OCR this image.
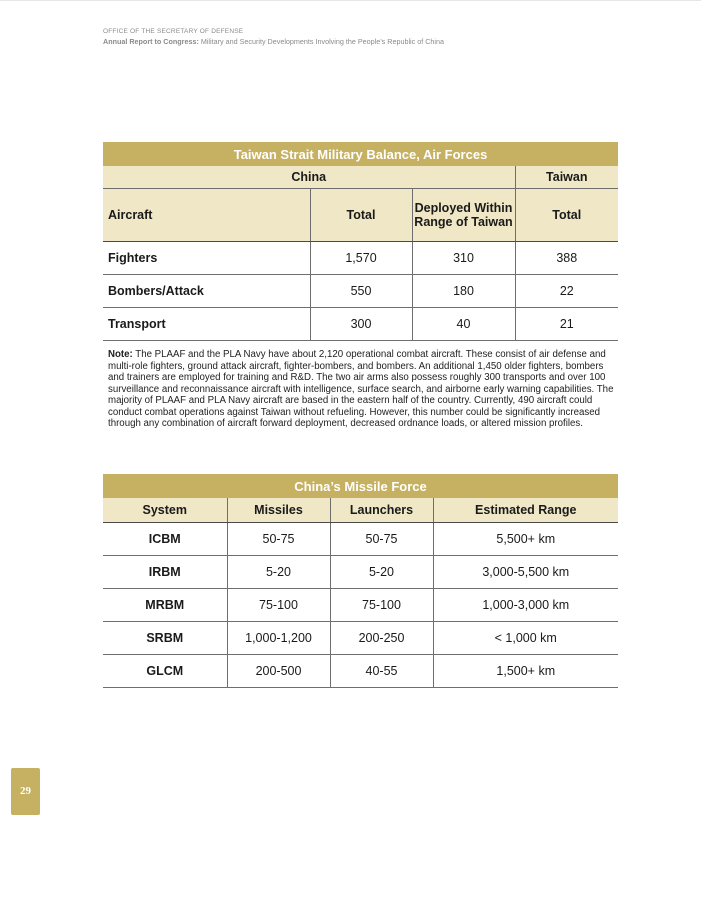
OFFICE OF THE SECRETARY OF DEFENSE
Annual Report to Congress: Military and Security Developments Involving the People’s Republic of China
Taiwan Strait Military Balance, Air Forces			
China			Taiwan
Aircraft	Total	Deployed Within Range of Taiwan	Total
Fighters	1,570	310	388
Bombers/Attack	550	180	22
Transport	300	40	21
Note: The PLAAF and the PLA Navy have about 2,120 operational combat aircraft. These consist of air defense and multi-role fighters, ground attack aircraft, fighter-bombers, and bombers. An additional 1,450 older fighters, bombers and trainers are employed for training and R&D. The two air arms also possess roughly 300 transports and over 100 surveillance and reconnaissance aircraft with intelligence, surface search, and airborne early warning capabilities. The majority of PLAAF and PLA Navy aircraft are based in the eastern half of the country. Currently, 490 aircraft could conduct combat operations against Taiwan without refueling. However, this number could be significantly increased through any combination of aircraft forward deployment, decreased ordnance loads, or altered mission profiles.
China’s Missile Force			
System	Missiles	Launchers	Estimated Range
ICBM	50-75	50-75	5,500+ km
IRBM	5-20	5-20	3,000-5,500 km
MRBM	75-100	75-100	1,000-3,000 km
SRBM	1,000-1,200	200-250	< 1,000 km
GLCM	200-500	40-55	1,500+ km
29
